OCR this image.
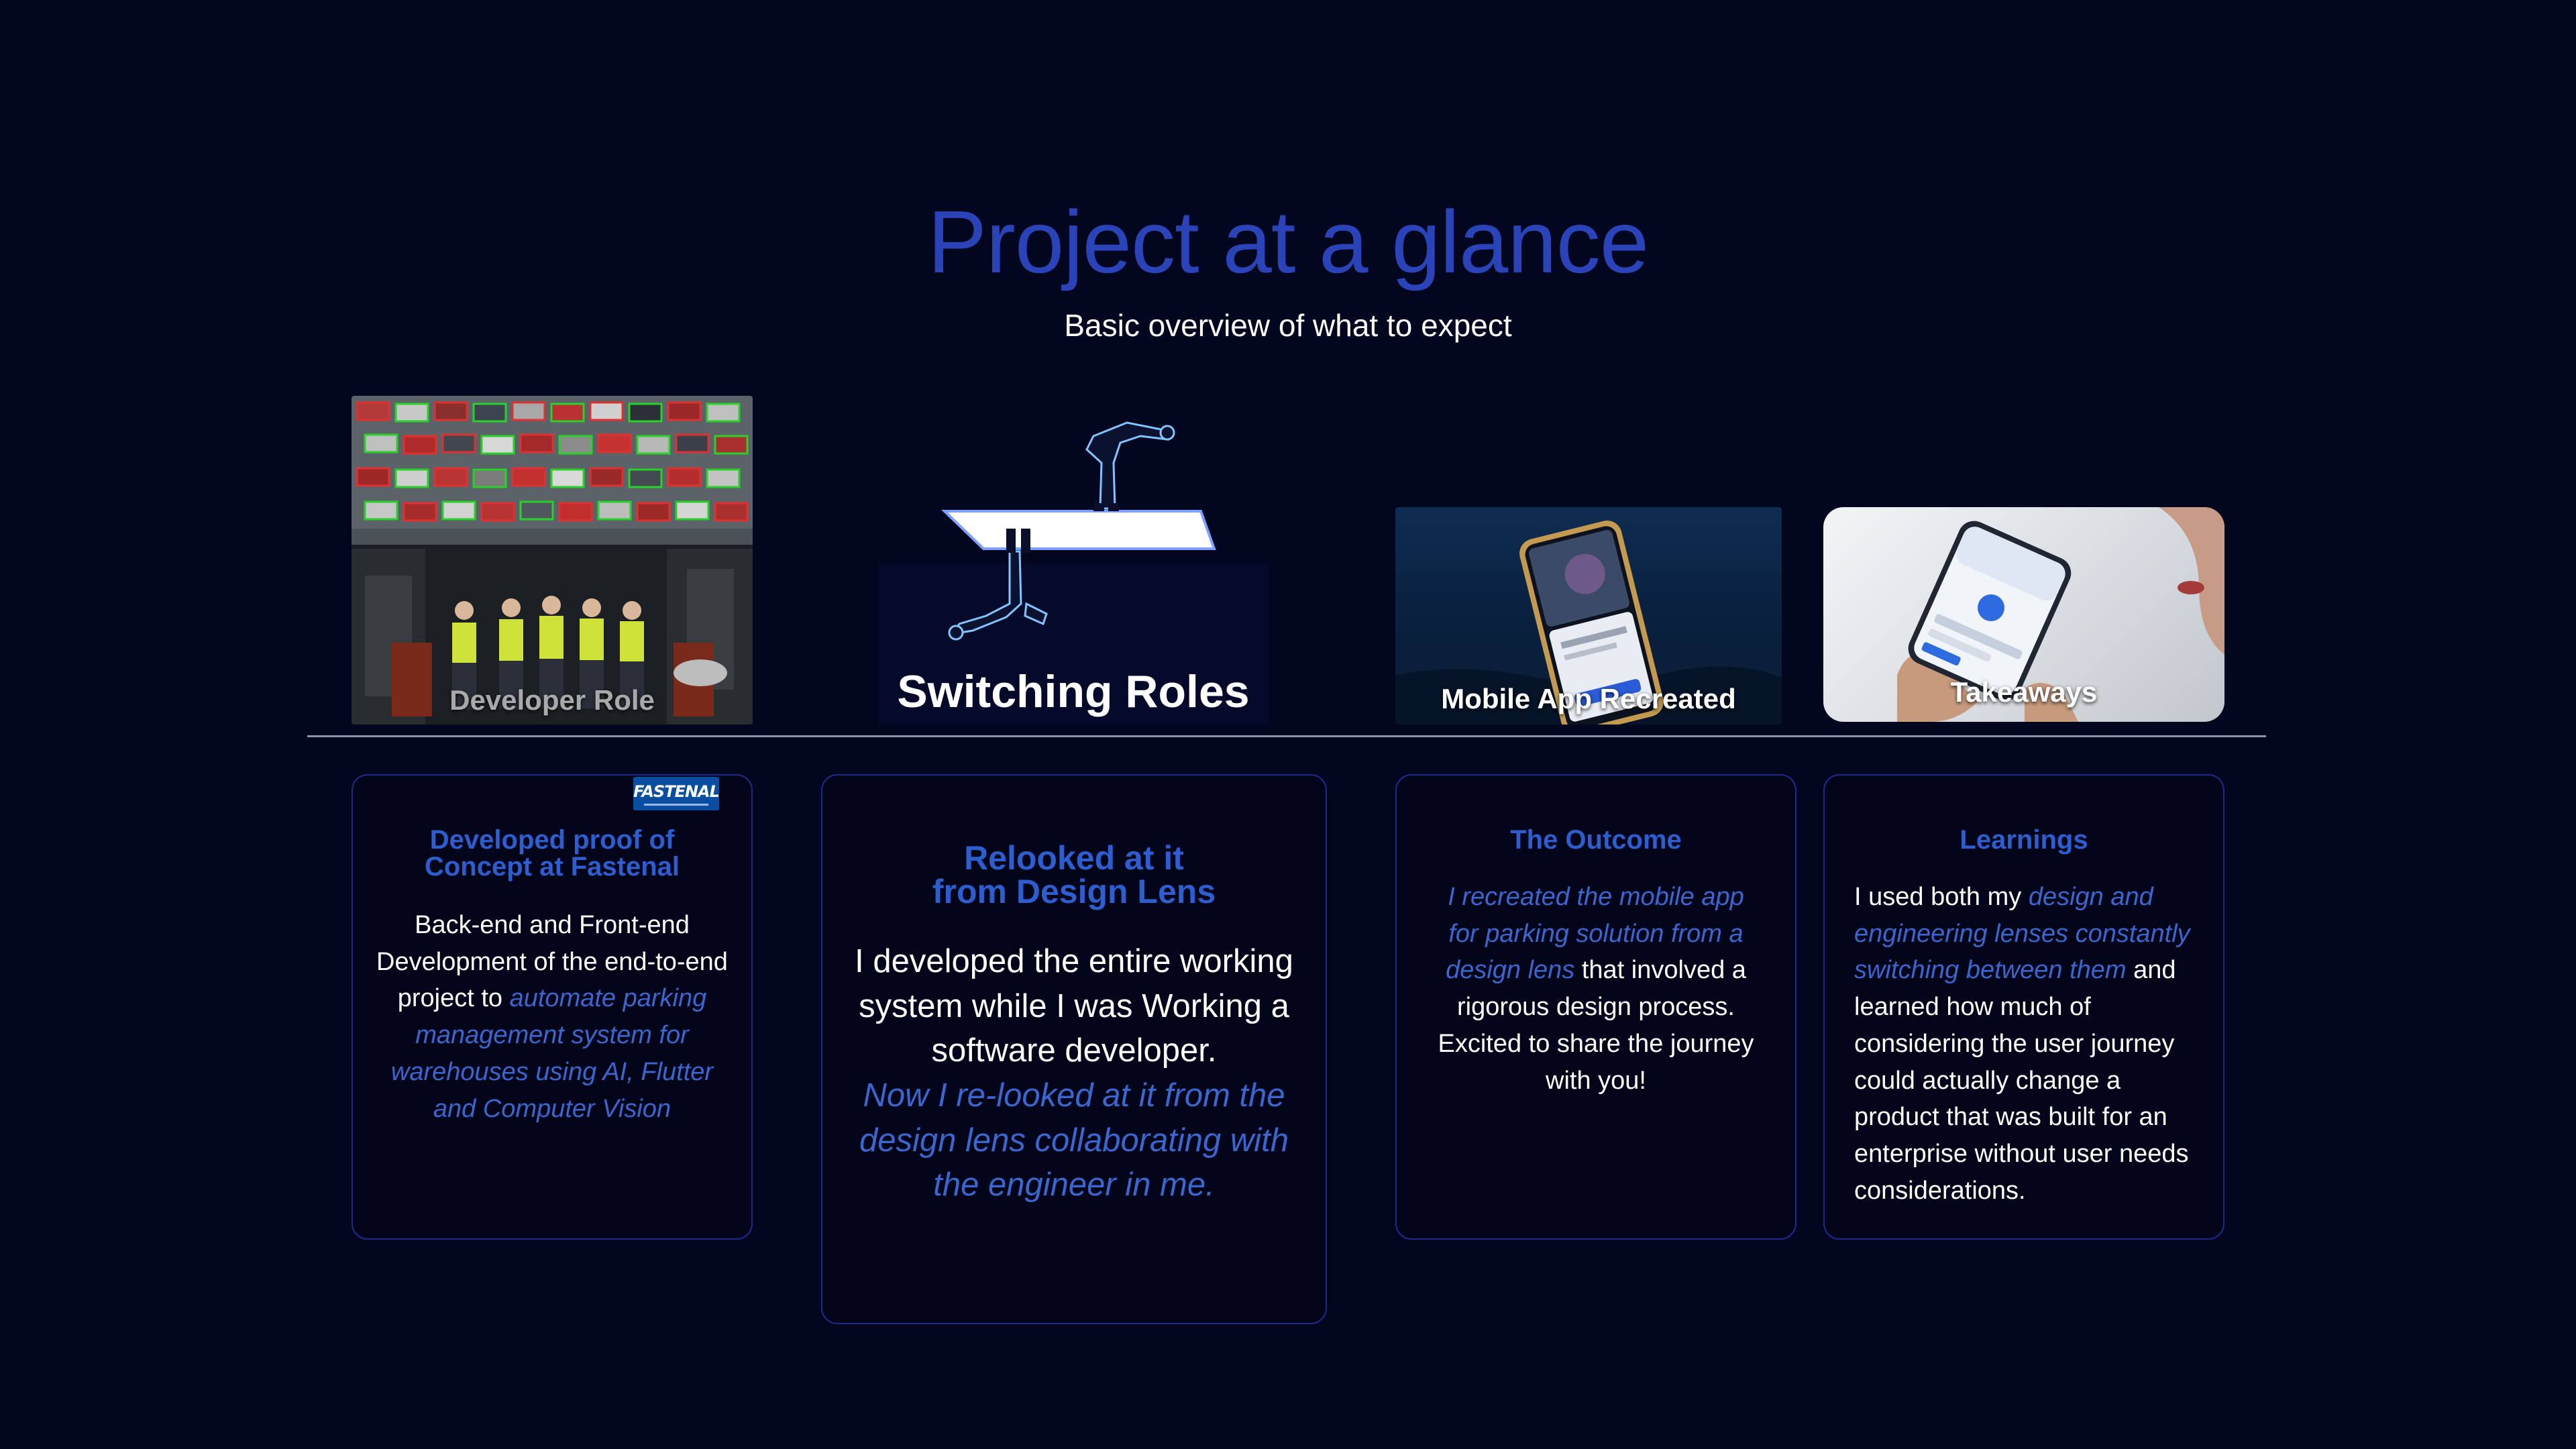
Project at a glance
Basic overview of what to expect
Developer Role	Switching Roles	Mobile App Recreated	Takeaways
FASTENAL
Developed proof of Concept at Fastenal
Back-end and Front-end Development of the end-to-end project to automate parking management system for warehouses using AI, Flutter and Computer Vision
Relooked at it from Design Lens
I developed the entire working system while I was Working a software developer.
Now I re-looked at it from the design lens collaborating with the engineer in me.
The Outcome
I recreated the mobile app for parking solution from a design lens that involved a rigorous design process. Excited to share the journey with you!
Learnings
I used both my design and engineering lenses constantly switching between them and learned how much of considering the user journey could actually change a product that was built for an enterprise without user needs considerations.
